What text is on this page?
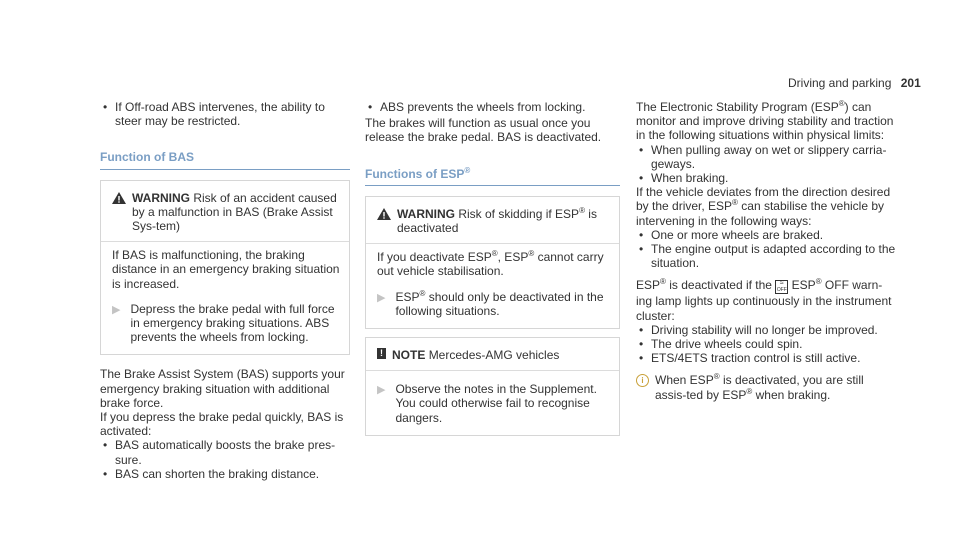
Driving and parking 201
• If Off-road ABS intervenes, the ability to steer may be restricted.
Function of BAS
WARNING Risk of an accident caused by a malfunction in BAS (Brake Assist Sys-tem)

If BAS is malfunctioning, the braking distance in an emergency braking situation is increased.

▶ Depress the brake pedal with full force in emergency braking situations. ABS prevents the wheels from locking.

The Brake Assist System (BAS) supports your emergency braking situation with additional brake force.

If you depress the brake pedal quickly, BAS is activated:

• BAS automatically boosts the brake pres-sure.
• BAS can shorten the braking distance.
• ABS prevents the wheels from locking.

The brakes will function as usual once you release the brake pedal. BAS is deactivated.

Functions of ESP®
WARNING Risk of skidding if ESP® is deactivated

If you deactivate ESP®, ESP® cannot carry out vehicle stabilisation.

▶ ESP® should only be deactivated in the following situations.
! NOTE Mercedes-AMG vehicles
▶ Observe the notes in the Supplement. You could otherwise fail to recognise dangers.

The Electronic Stability Program (ESP®) can monitor and improve driving stability and traction in the following situations within physical limits:

• When pulling away on wet or slippery carria-geways.
• When braking.

If the vehicle deviates from the direction desired by the driver, ESP® can stabilise the vehicle by intervening in the following ways:

• One or more wheels are braked.
• The engine output is adapted according to the situation.

ESP® is deactivated if the ≈
OFF ESP® OFF warn-ing lamp lights up continuously in the instrument cluster:

• Driving stability will no longer be improved.
• The drive wheels could spin.
• ETS/4ETS traction control is still active.
i When ESP® is deactivated, you are still assis-ted by ESP® when braking.
